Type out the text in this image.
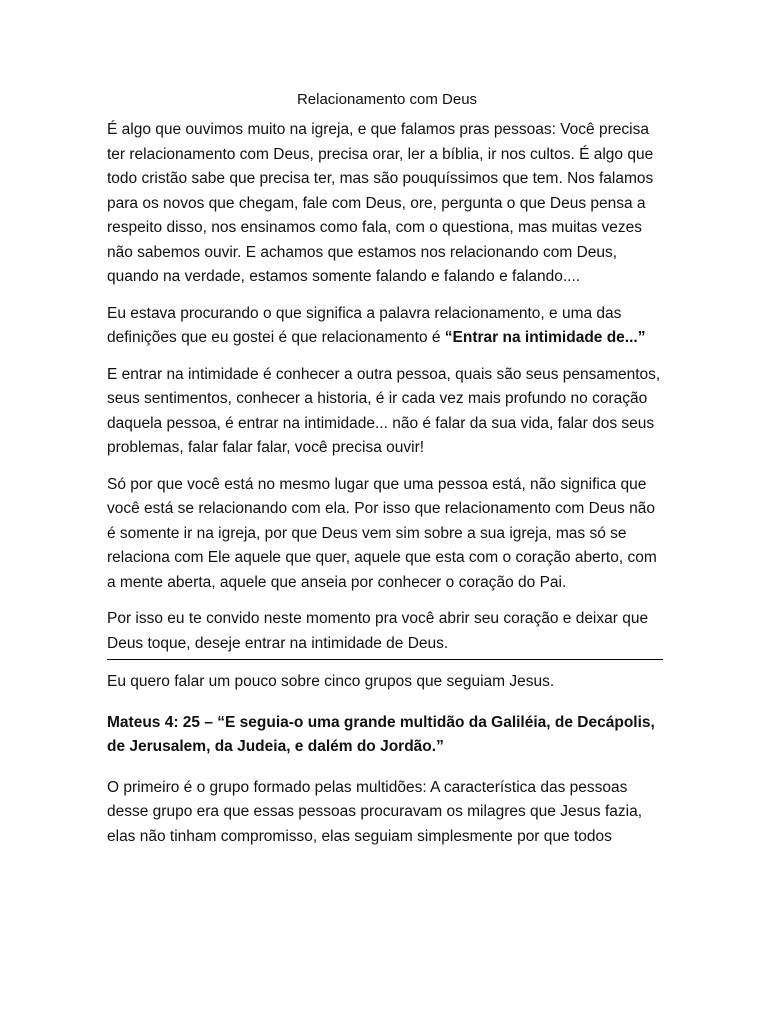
Relacionamento com Deus

É algo que ouvimos muito na igreja, e que falamos pras pessoas: Você precisa ter relacionamento com Deus, precisa orar, ler a bíblia, ir nos cultos. É algo que todo cristão sabe que precisa ter, mas são pouquíssimos que tem. Nos falamos para os novos que chegam, fale com Deus, ore, pergunta o que Deus pensa a respeito disso, nos ensinamos como fala, com o questiona, mas muitas vezes não sabemos ouvir. E achamos que estamos nos relacionando com Deus, quando na verdade, estamos somente falando e falando e falando....

Eu estava procurando o que significa a palavra relacionamento, e uma das definições que eu gostei é que relacionamento é “Entrar na intimidade de...”

E entrar na intimidade é conhecer a outra pessoa, quais são seus pensamentos, seus sentimentos, conhecer a historia, é ir cada vez mais profundo no coração daquela pessoa, é entrar na intimidade... não é falar da sua vida, falar dos seus problemas, falar falar falar, você precisa ouvir!

Só por que você está no mesmo lugar que uma pessoa está, não significa que você está se relacionando com ela. Por isso que relacionamento com Deus não é somente ir na igreja, por que Deus vem sim sobre a sua igreja, mas só se relaciona com Ele aquele que quer, aquele que esta com o coração aberto, com a mente aberta, aquele que anseia por conhecer o coração do Pai.

Por isso eu te convido neste momento pra você abrir seu coração e deixar que Deus toque, deseje entrar na intimidade de Deus.

Eu quero falar um pouco sobre cinco grupos que seguiam Jesus.

Mateus 4: 25 – “E seguia-o uma grande multidão da Galiléia, de Decápolis, de Jerusalem, da Judeia, e dalém do Jordão.”

O primeiro é o grupo formado pelas multidões: A característica das pessoas desse grupo era que essas pessoas procuravam os milagres que Jesus fazia, elas não tinham compromisso, elas seguiam simplesmente por que todos
